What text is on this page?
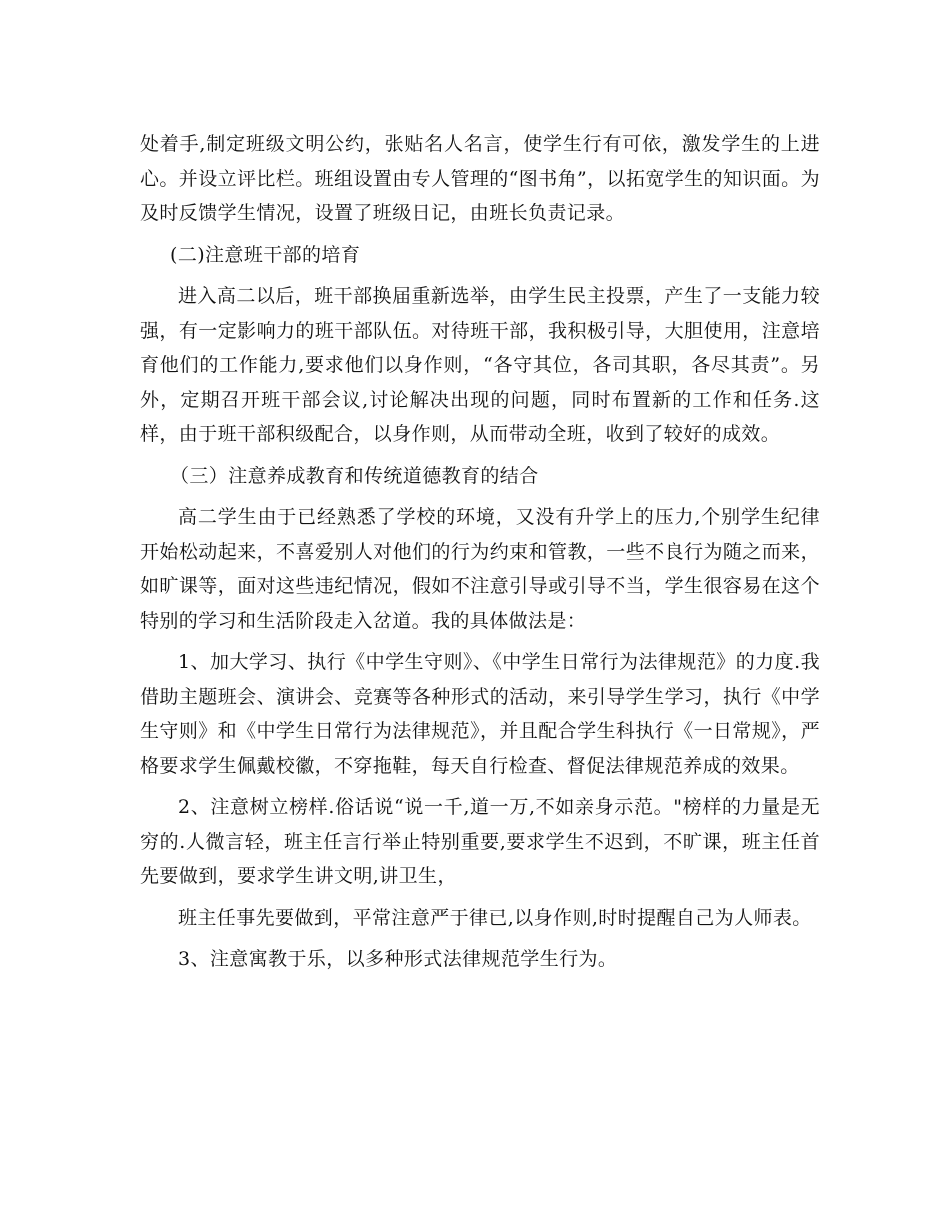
处着手,制定班级文明公约，张贴名人名言，使学生行有可依，激发学生的上进心。并设立评比栏。班组设置由专人管理的“图书角”，以拓宽学生的知识面。为及时反馈学生情况，设置了班级日记，由班长负责记录。

(二)注意班干部的培育

进入高二以后，班干部换届重新选举，由学生民主投票，产生了一支能力较强，有一定影响力的班干部队伍。对待班干部，我积极引导，大胆使用，注意培育他们的工作能力,要求他们以身作则，“各守其位，各司其职，各尽其责”。另外，定期召开班干部会议,讨论解决出现的问题，同时布置新的工作和任务.这样，由于班干部积级配合，以身作则，从而带动全班，收到了较好的成效。

（三）注意养成教育和传统道德教育的结合

高二学生由于已经熟悉了学校的环境，又没有升学上的压力,个别学生纪律开始松动起来，不喜爱别人对他们的行为约束和管教，一些不良行为随之而来，如旷课等，面对这些违纪情况，假如不注意引导或引导不当，学生很容易在这个特别的学习和生活阶段走入岔道。我的具体做法是：

1、加大学习、执行《中学生守则》、《中学生日常行为法律规范》的力度.我借助主题班会、演讲会、竞赛等各种形式的活动，来引导学生学习，执行《中学生守则》和《中学生日常行为法律规范》，并且配合学生科执行《一日常规》，严格要求学生佩戴校徽，不穿拖鞋，每天自行检查、督促法律规范养成的效果。

2、注意树立榜样.俗话说“说一千,道一万,不如亲身示范。"榜样的力量是无穷的.人微言轻，班主任言行举止特别重要,要求学生不迟到，不旷课，班主任首先要做到，要求学生讲文明,讲卫生，

班主任事先要做到，平常注意严于律已,以身作则,时时提醒自己为人师表。

3、注意寓教于乐，以多种形式法律规范学生行为。
